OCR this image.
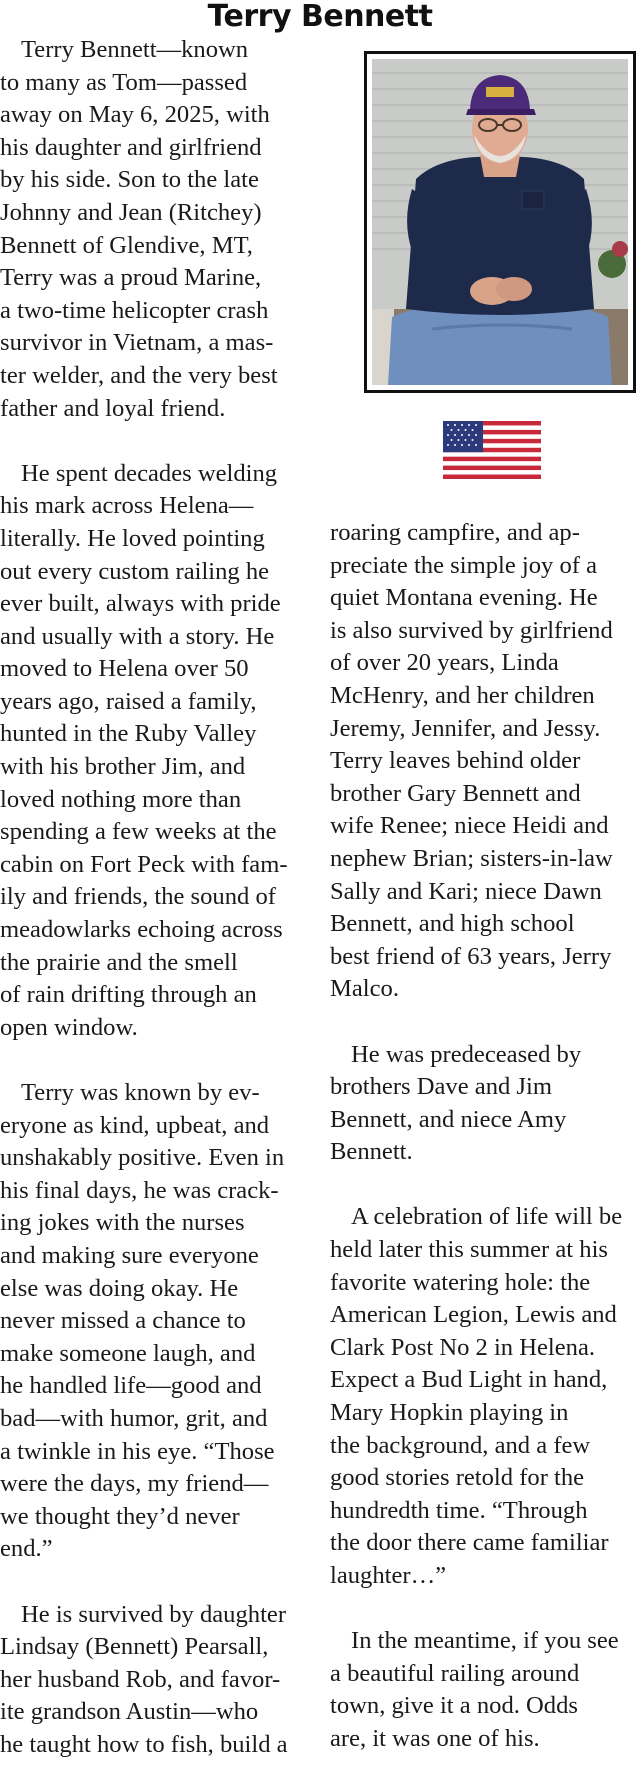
Terry Bennett
Terry Bennett—known
to many as Tom—passed
away on May 6, 2025, with
his daughter and girlfriend
by his side. Son to the late
Johnny and Jean (Ritchey)
Bennett of Glendive, MT,
Terry was a proud Marine,
a two-time helicopter crash
survivor in Vietnam, a mas-
ter welder, and the very best
father and loyal friend.
He spent decades welding
his mark across Helena—
literally. He loved pointing
out every custom railing he
ever built, always with pride
and usually with a story. He
moved to Helena over 50
years ago, raised a family,
hunted in the Ruby Valley
with his brother Jim, and
loved nothing more than
spending a few weeks at the
cabin on Fort Peck with fam-
ily and friends, the sound of
meadowlarks echoing across
the prairie and the smell
of rain drifting through an
open window.
Terry was known by ev-
eryone as kind, upbeat, and
unshakably positive. Even in
his final days, he was crack-
ing jokes with the nurses
and making sure everyone
else was doing okay. He
never missed a chance to
make someone laugh, and
he handled life—good and
bad—with humor, grit, and
a twinkle in his eye. “Those
were the days, my friend—
we thought they’d never
end.”
He is survived by daughter
Lindsay (Bennett) Pearsall,
her husband Rob, and favor-
ite grandson Austin—who
he taught how to fish, build a
roaring campfire, and ap-
preciate the simple joy of a
quiet Montana evening. He
is also survived by girlfriend
of over 20 years, Linda
McHenry, and her children
Jeremy, Jennifer, and Jessy.
Terry leaves behind older
brother Gary Bennett and
wife Renee; niece Heidi and
nephew Brian; sisters-in-law
Sally and Kari; niece Dawn
Bennett, and high school
best friend of 63 years, Jerry
Malco.
He was predeceased by
brothers Dave and Jim
Bennett, and niece Amy
Bennett.
A celebration of life will be
held later this summer at his
favorite watering hole: the
American Legion, Lewis and
Clark Post No 2 in Helena.
Expect a Bud Light in hand,
Mary Hopkin playing in
the background, and a few
good stories retold for the
hundredth time. “Through
the door there came familiar
laughter…”
In the meantime, if you see
a beautiful railing around
town, give it a nod. Odds
are, it was one of his.
